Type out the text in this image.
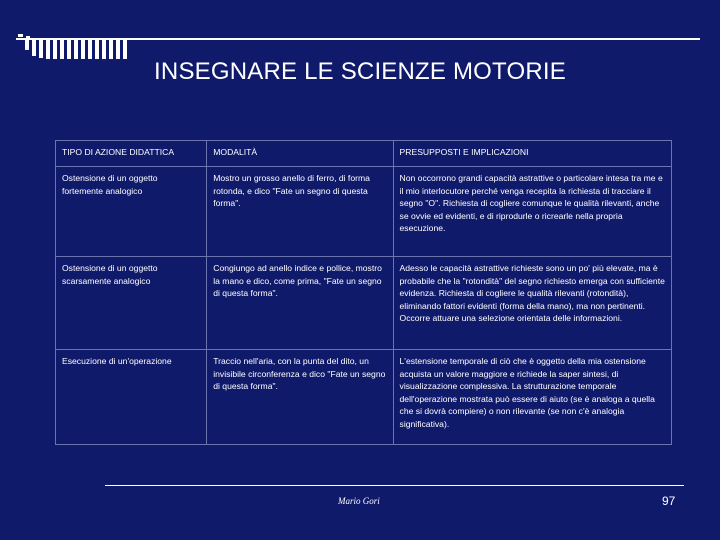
INSEGNARE LE SCIENZE MOTORIE
TIPO DI AZIONE DIDATTICA	MODALITÀ	PRESUPPOSTI E IMPLICAZIONI
Ostensione di un oggetto fortemente analogico	Mostro un grosso anello di ferro, di forma rotonda, e dico "Fate un segno di questa forma".	Non occorrono grandi capacità astrattive o particolare intesa tra me e il mio interlocutore perché venga recepita la richiesta di tracciare il segno "O". Richiesta di cogliere comunque le qualità rilevanti, anche se ovvie ed evidenti, e di riprodurle o ricrearle nella propria esecuzione.
Ostensione di un oggetto scarsamente analogico	Congiungo ad anello indice e pollice, mostro la mano e dico, come prima, "Fate un segno di questa forma".	Adesso le capacità astrattive richieste sono un po' più elevate, ma è probabile che la "rotondità" del segno richiesto emerga con sufficiente evidenza. Richiesta di cogliere le qualità rilevanti (rotondità), eliminando fattori evidenti (forma della mano), ma non pertinenti. Occorre attuare una selezione orientata delle informazioni.
Esecuzione di un'operazione	Traccio nell'aria, con la punta del dito, un invisibile circonferenza e dico "Fate un segno di questa forma".	L'estensione temporale di ciò che è oggetto della mia ostensione acquista un valore maggiore e richiede la saper sintesi, di visualizzazione complessiva. La strutturazione temporale dell'operazione mostrata può essere di aiuto (se è analoga a quella che si dovrà compiere) o non rilevante (se non c'è analogia significativa).
Mario Gori	97
